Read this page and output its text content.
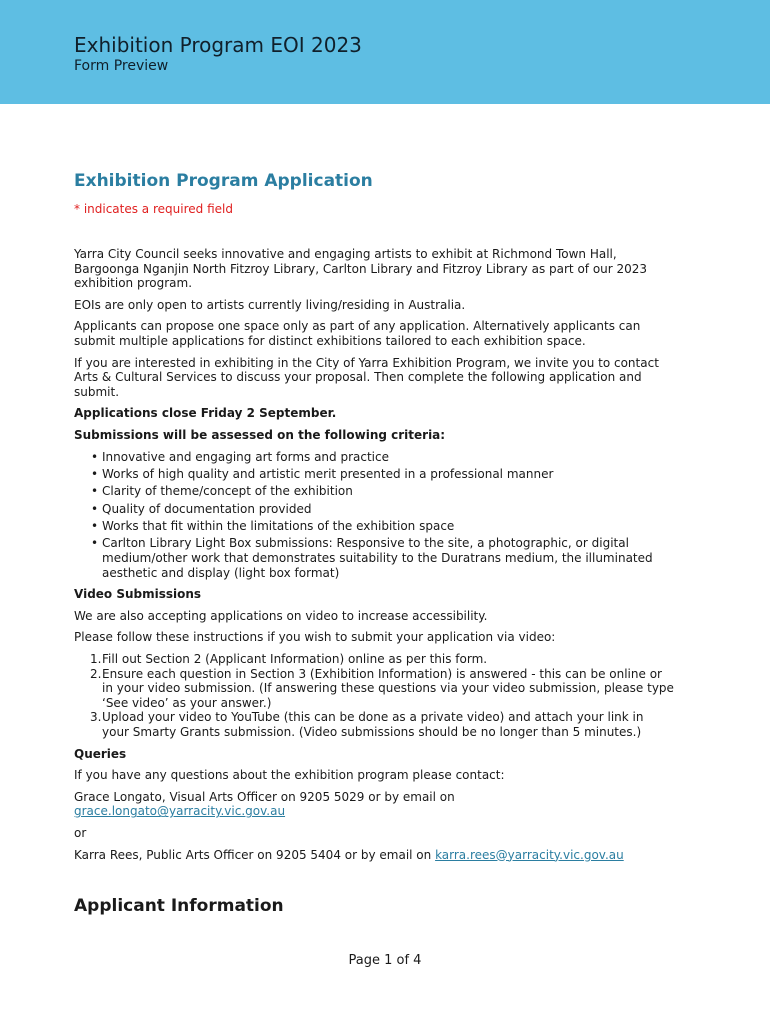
Exhibition Program EOI 2023
Form Preview
Exhibition Program Application
* indicates a required field

Yarra City Council seeks innovative and engaging artists to exhibit at Richmond Town Hall, Bargoonga Nganjin North Fitzroy Library, Carlton Library and Fitzroy Library as part of our 2023 exhibition program.

EOIs are only open to artists currently living/residing in Australia.

Applicants can propose one space only as part of any application. Alternatively applicants can submit multiple applications for distinct exhibitions tailored to each exhibition space.

If you are interested in exhibiting in the City of Yarra Exhibition Program, we invite you to contact Arts & Cultural Services to discuss your proposal. Then complete the following application and submit.

Applications close Friday 2 September.

Submissions will be assessed on the following criteria:

• Innovative and engaging art forms and practice
• Works of high quality and artistic merit presented in a professional manner
• Clarity of theme/concept of the exhibition
• Quality of documentation provided
• Works that fit within the limitations of the exhibition space
• Carlton Library Light Box submissions: Responsive to the site, a photographic, or digital medium/other work that demonstrates suitability to the Duratrans medium, the illuminated aesthetic and display (light box format)

Video Submissions

We are also accepting applications on video to increase accessibility.

Please follow these instructions if you wish to submit your application via video:

Fill out Section 2 (Applicant Information) online as per this form.
Ensure each question in Section 3 (Exhibition Information) is answered - this can be online or in your video submission. (If answering these questions via your video submission, please type ‘See video’ as your answer.)
Upload your video to YouTube (this can be done as a private video) and attach your link in your Smarty Grants submission. (Video submissions should be no longer than 5 minutes.)

Queries

If you have any questions about the exhibition program please contact:

Grace Longato, Visual Arts Officer on 9205 5029 or by email on
grace.longato@yarracity.vic.gov.au

or

Karra Rees, Public Arts Officer on 9205 5404 or by email on karra.rees@yarracity.vic.gov.au

Applicant Information
Page 1 of 4
